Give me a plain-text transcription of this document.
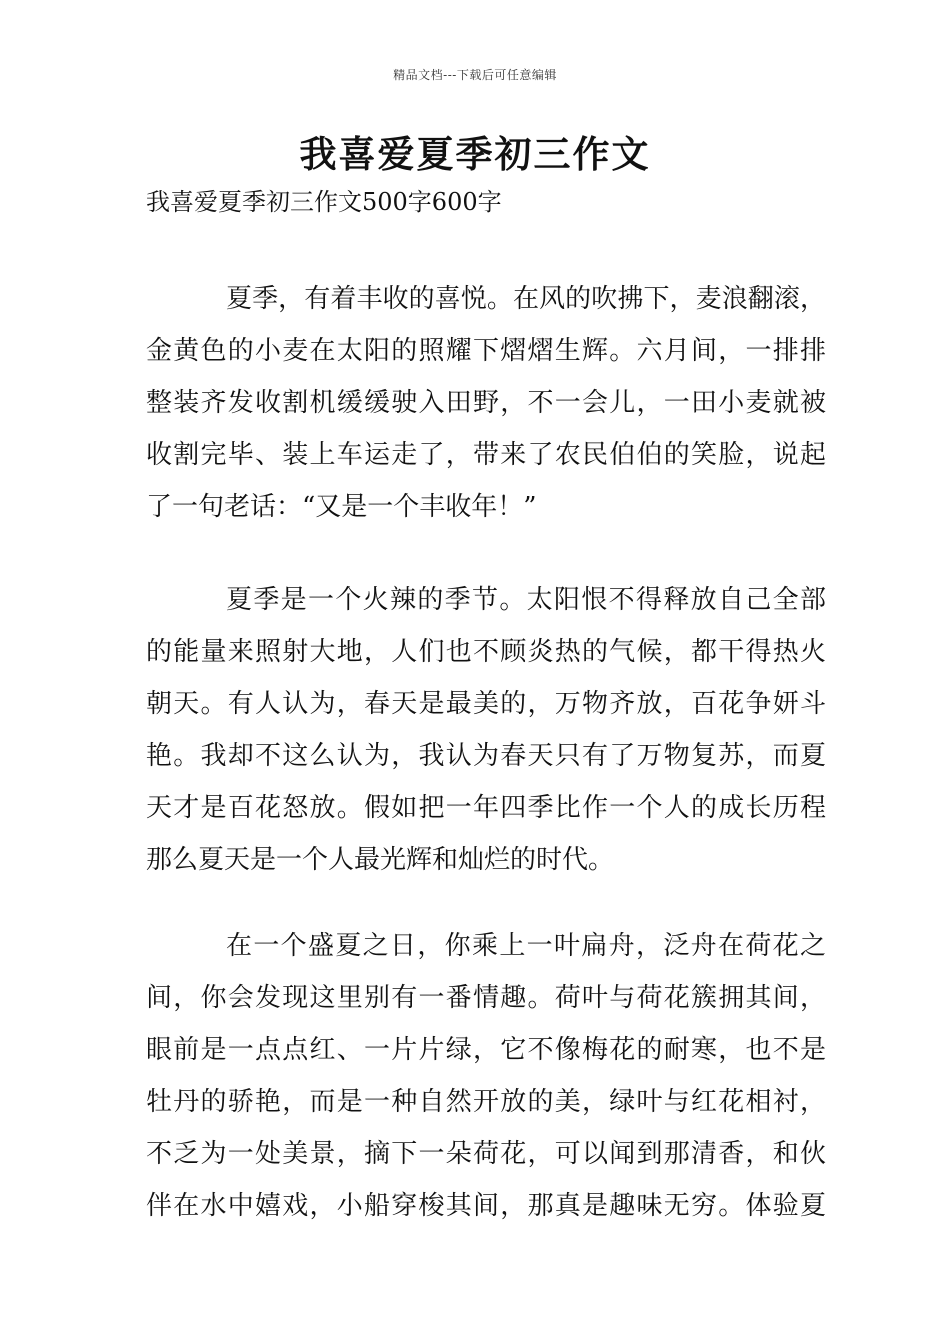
精品文档---下载后可任意编辑
我喜爱夏季初三作文

我喜爱夏季初三作文500字600字

夏季，有着丰收的喜悦。在风的吹拂下，麦浪翻滚，
金黄色的小麦在太阳的照耀下熠熠生辉。六月间，一排排
整装齐发收割机缓缓驶入田野，不一会儿，一田小麦就被
收割完毕、装上车运走了，带来了农民伯伯的笑脸，说起
了一句老话：“又是一个丰收年！”
夏季是一个火辣的季节。太阳恨不得释放自己全部
的能量来照射大地，人们也不顾炎热的气候，都干得热火
朝天。有人认为，春天是最美的，万物齐放，百花争妍斗
艳。我却不这么认为，我认为春天只有了万物复苏，而夏
天才是百花怒放。假如把一年四季比作一个人的成长历程
那么夏天是一个人最光辉和灿烂的时代。
在一个盛夏之日，你乘上一叶扁舟，泛舟在荷花之
间，你会发现这里别有一番情趣。荷叶与荷花簇拥其间，
眼前是一点点红、一片片绿，它不像梅花的耐寒，也不是
牡丹的骄艳，而是一种自然开放的美，绿叶与红花相衬，
不乏为一处美景，摘下一朵荷花，可以闻到那清香，和伙
伴在水中嬉戏，小船穿梭其间，那真是趣味无穷。体验夏
